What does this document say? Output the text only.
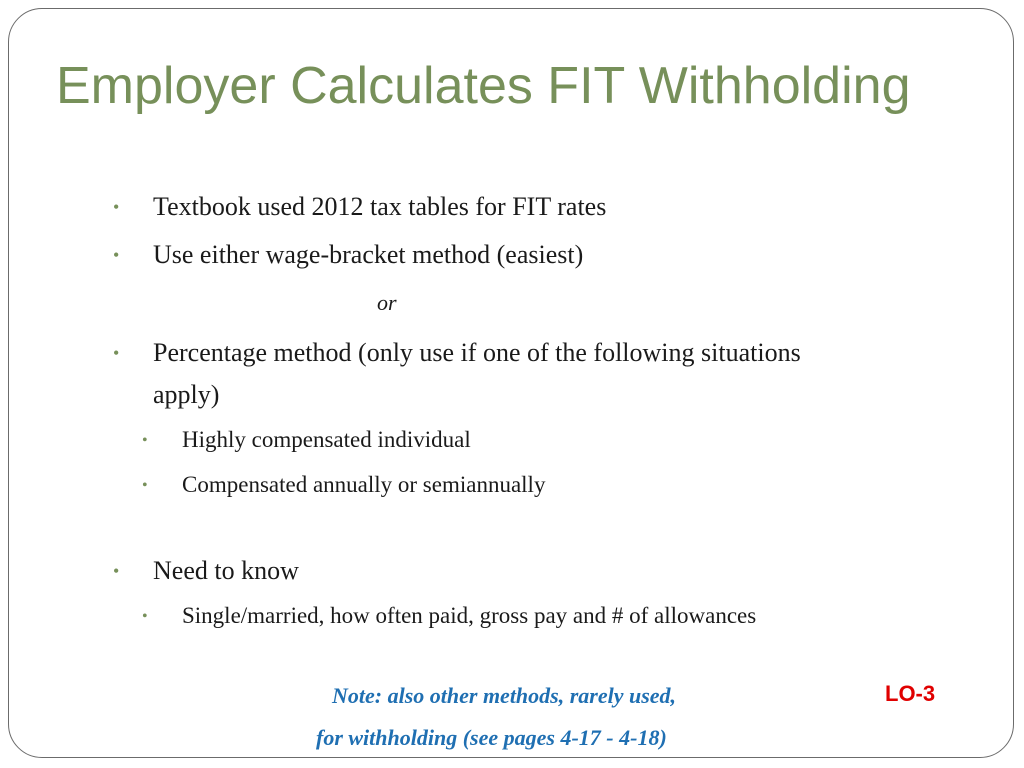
Employer Calculates FIT Withholding
• Textbook used 2012 tax tables for FIT rates
• Use either wage-bracket method (easiest)
or
• Percentage method (only use if one of the following situations
apply)
• Highly compensated individual
• Compensated annually or semiannually
• Need to know
• Single/married, how often paid, gross pay and # of allowances
Note: also other methods, rarely used,
for withholding (see pages 4-17 - 4-18)
LO-3
